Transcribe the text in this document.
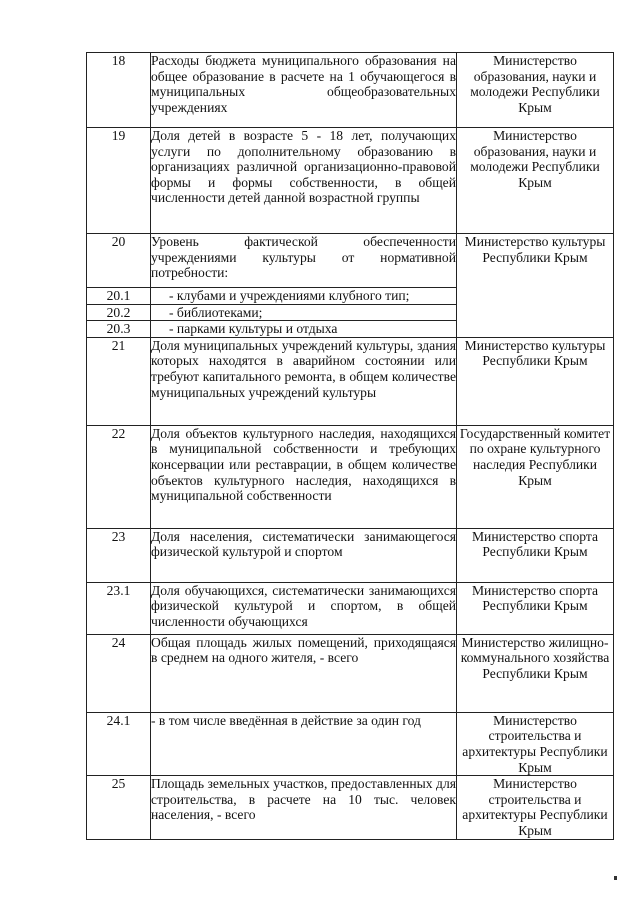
18	Расходы бюджета муниципального образования на общее образование в расчете на 1 обучающегося в муниципальных общеобразовательных учреждениях	Министерство образования, науки и молодежи Республики Крым
19	Доля детей в возрасте 5 - 18 лет, получающих услуги по дополнительному образованию в организациях различной организационно-правовой формы и формы собственности, в общей численности детей данной возрастной группы	Министерство образования, науки и молодежи Республики Крым
20	Уровень фактической обеспеченности учреждениями культуры от нормативной потребности:	Министерство культуры Республики Крым
20.1	- клубами и учреждениями клубного тип;	
20.2	- библиотеками;	
20.3	- парками культуры и отдыха	
21	Доля муниципальных учреждений культуры, здания которых находятся в аварийном состоянии или требуют капитального ремонта, в общем количестве муниципальных учреждений культуры	Министерство культуры Республики Крым
22	Доля объектов культурного наследия, находящихся в муниципальной собственности и требующих консервации или реставрации, в общем количестве объектов культурного наследия, находящихся в муниципальной собственности	Государственный комитет по охране культурного наследия Республики Крым
23	Доля населения, систематически занимающегося физической культурой и спортом	Министерство спорта Республики Крым
23.1	Доля обучающихся, систематически занимающихся физической культурой и спортом, в общей численности обучающихся	Министерство спорта Республики Крым
24	Общая площадь жилых помещений, приходящаяся в среднем на одного жителя, - всего	Министерство жилищно-коммунального хозяйства Республики Крым
24.1	- в том числе введённая в действие за один год	Министерство строительства и архитектуры Республики Крым
25	Площадь земельных участков, предоставленных для строительства, в расчете на 10 тыс. человек населения, - всего	Министерство строительства и архитектуры Республики Крым
